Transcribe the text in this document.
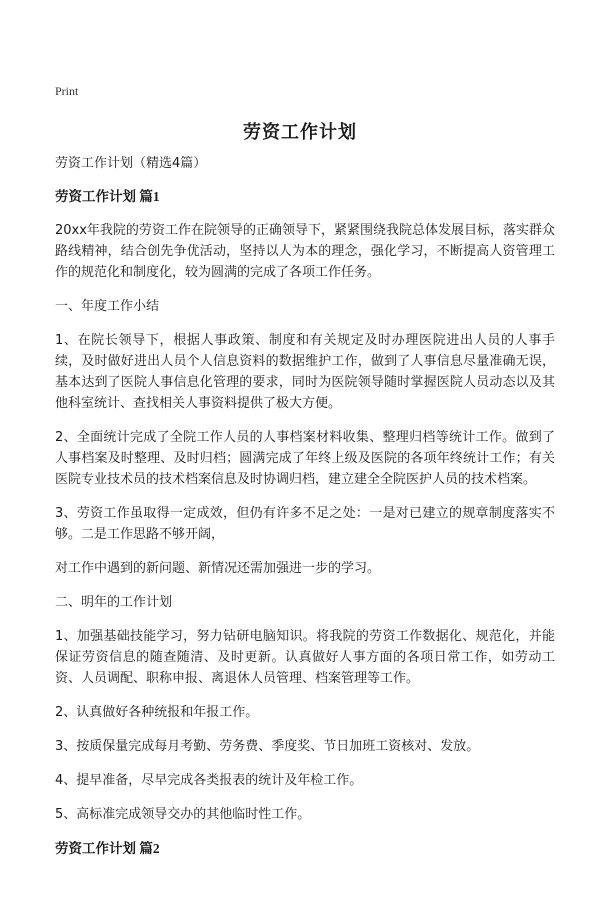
Print
劳资工作计划
劳资工作计划（精选4篇）
劳资工作计划 篇1
20xx年我院的劳资工作在院领导的正确领导下，紧紧围绕我院总体发展目标，落实群众路线精神，结合创先争优活动，坚持以人为本的理念，强化学习，不断提高人资管理工作的规范化和制度化，较为圆满的完成了各项工作任务。
一、年度工作小结
1、在院长领导下，根据人事政策、制度和有关规定及时办理医院进出人员的人事手续，及时做好进出人员个人信息资料的数据维护工作，做到了人事信息尽量准确无误，基本达到了医院人事信息化管理的要求，同时为医院领导随时掌握医院人员动态以及其他科室统计、查找相关人事资料提供了极大方便。
2、全面统计完成了全院工作人员的人事档案材料收集、整理归档等统计工作。做到了人事档案及时整理、及时归档；圆满完成了年终上级及医院的各项年终统计工作；有关医院专业技术员的技术档案信息及时协调归档，建立建全全院医护人员的技术档案。
3、劳资工作虽取得一定成效，但仍有许多不足之处：一是对已建立的规章制度落实不够。二是工作思路不够开阔，
对工作中遇到的新问题、新情况还需加强进一步的学习。
二、明年的工作计划
1、加强基础技能学习，努力钻研电脑知识。将我院的劳资工作数据化、规范化，并能保证劳资信息的随查随清、及时更新。认真做好人事方面的各项日常工作，如劳动工资、人员调配、职称申报、离退休人员管理、档案管理等工作。
2、认真做好各种统报和年报工作。
3、按质保量完成每月考勤、劳务费、季度奖、节日加班工资核对、发放。
4、提早准备，尽早完成各类报表的统计及年检工作。
5、高标准完成领导交办的其他临时性工作。
劳资工作计划 篇2
